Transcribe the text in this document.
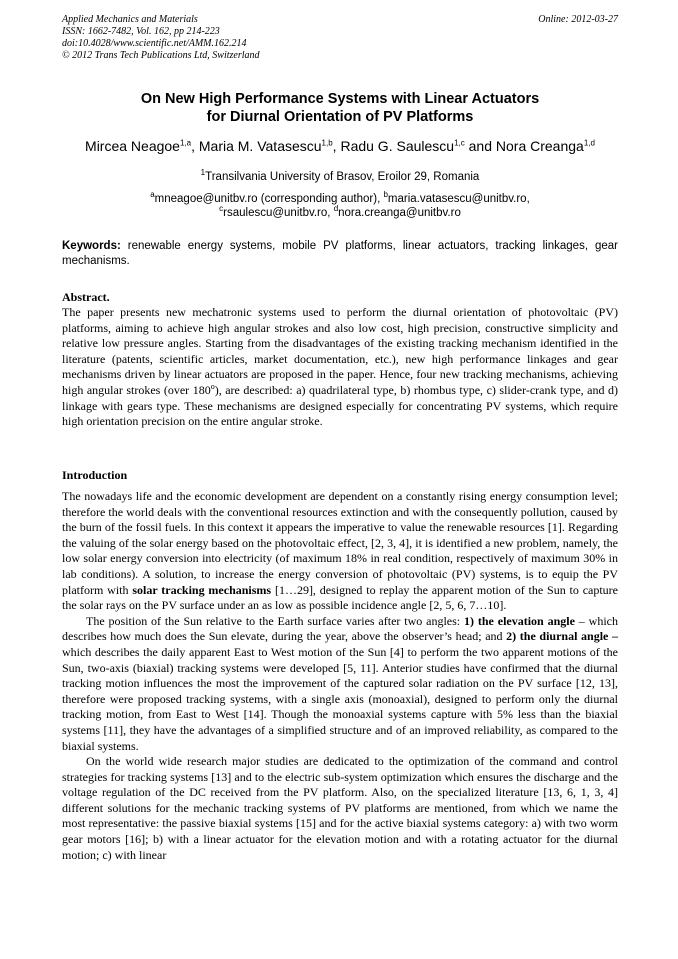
Applied Mechanics and Materials
ISSN: 1662-7482, Vol. 162, pp 214-223
doi:10.4028/www.scientific.net/AMM.162.214
© 2012 Trans Tech Publications Ltd, Switzerland
Online: 2012-03-27
On New High Performance Systems with Linear Actuators
for Diurnal Orientation of PV Platforms
Mircea Neagoe$^{1,a}$, Maria M. Vatasescu$^{1,b}$, Radu G. Saulescu$^{1,c}$ and Nora Creanga$^{1,d}$
$^1$Transilvania University of Brasov, Eroilor 29, Romania
$^a$mneagoe@unitbv.ro (corresponding author), $^b$maria.vatasescu@unitbv.ro,
$^c$rsaulescu@unitbv.ro, $^d$nora.creanga@unitbv.ro
Keywords: renewable energy systems, mobile PV platforms, linear actuators, tracking linkages, gear mechanisms.
Abstract.

The paper presents new mechatronic systems used to perform the diurnal orientation of photovoltaic (PV) platforms, aiming to achieve high angular strokes and also low cost, high precision, constructive simplicity and relative low pressure angles. Starting from the disadvantages of the existing tracking mechanism identified in the literature (patents, scientific articles, market documentation, etc.), new high performance linkages and gear mechanisms driven by linear actuators are proposed in the paper. Hence, four new tracking mechanisms, achieving high angular strokes (over 180$^o$), are described: a) quadrilateral type, b) rhombus type, c) slider-crank type, and d) linkage with gears type. These mechanisms are designed especially for concentrating PV systems, which require high orientation precision on the entire angular stroke.

Introduction

The nowadays life and the economic development are dependent on a constantly rising energy consumption level; therefore the world deals with the conventional resources extinction and with the consequently pollution, caused by the burn of the fossil fuels. In this context it appears the imperative to value the renewable resources [1]. Regarding the valuing of the solar energy based on the photovoltaic effect, [2, 3, 4], it is identified a new problem, namely, the low solar energy conversion into electricity (of maximum 18% in real condition, respectively of maximum 30% in lab conditions). A solution, to increase the energy conversion of photovoltaic (PV) systems, is to equip the PV platform with solar tracking mechanisms [1…29], designed to replay the apparent motion of the Sun to capture the solar rays on the PV surface under an as low as possible incidence angle [2, 5, 6, 7…10].

The position of the Sun relative to the Earth surface varies after two angles: 1) the elevation angle – which describes how much does the Sun elevate, during the year, above the observer’s head; and 2) the diurnal angle – which describes the daily apparent East to West motion of the Sun [4] to perform the two apparent motions of the Sun, two-axis (biaxial) tracking systems were developed [5, 11]. Anterior studies have confirmed that the diurnal tracking motion influences the most the improvement of the captured solar radiation on the PV surface [12, 13], therefore were proposed tracking systems, with a single axis (monoaxial), designed to perform only the diurnal tracking motion, from East to West [14]. Though the monoaxial systems capture with 5% less than the biaxial systems [11], they have the advantages of a simplified structure and of an improved reliability, as compared to the biaxial systems.

On the world wide research major studies are dedicated to the optimization of the command and control strategies for tracking systems [13] and to the electric sub-system optimization which ensures the discharge and the voltage regulation of the DC received from the PV platform. Also, on the specialized literature [13, 6, 1, 3, 4] different solutions for the mechanic tracking systems of PV platforms are mentioned, from which we name the most representative: the passive biaxial systems [15] and for the active biaxial systems category: a) with two worm gear motors [16]; b) with a linear actuator for the elevation motion and with a rotating actuator for the diurnal motion; c) with linear
